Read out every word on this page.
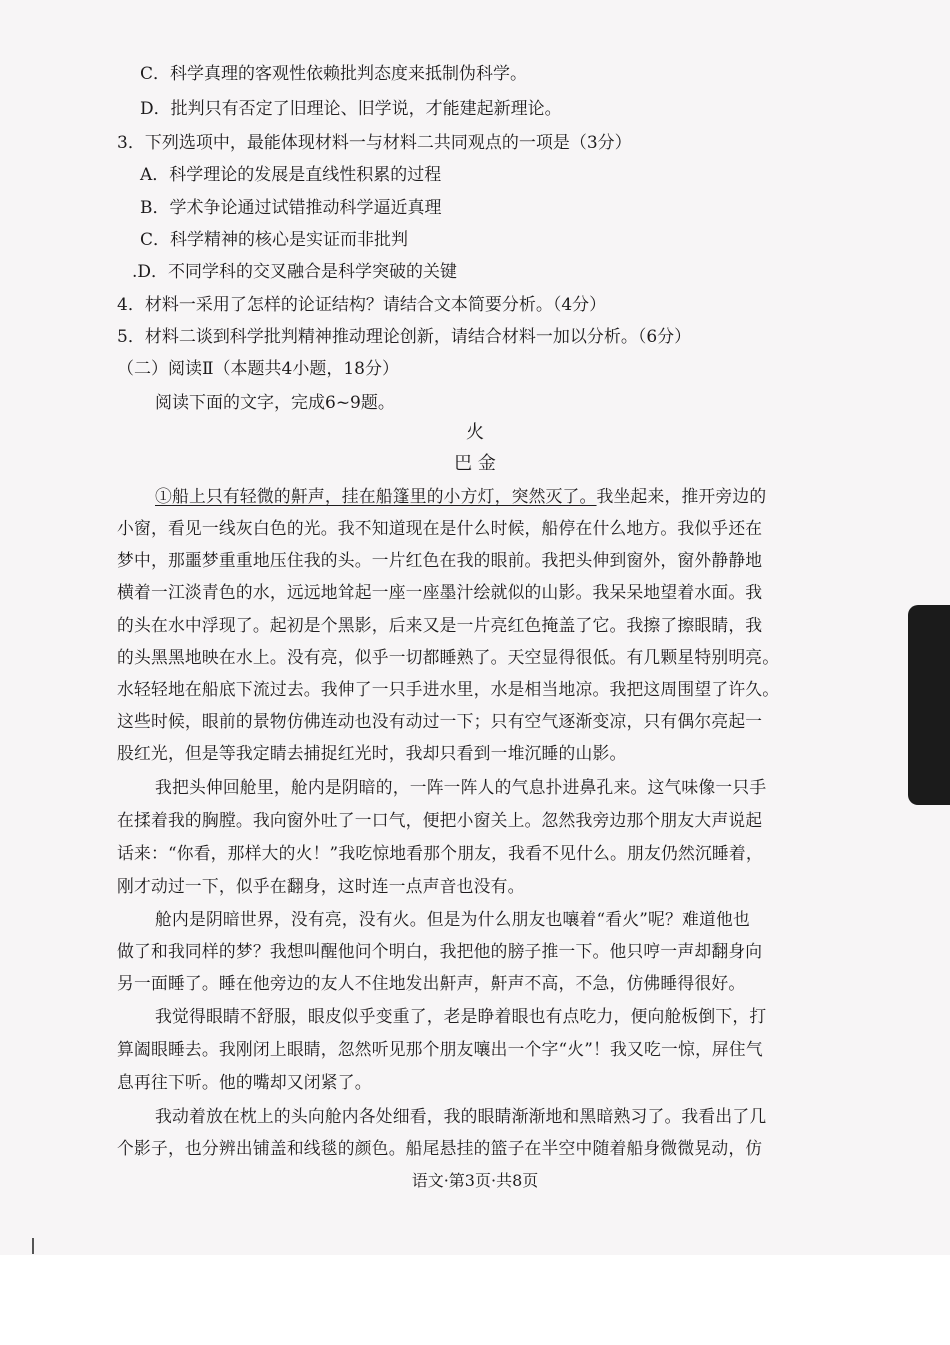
C．科学真理的客观性依赖批判态度来抵制伪科学。
D．批判只有否定了旧理论、旧学说，才能建起新理论。
3．下列选项中，最能体现材料一与材料二共同观点的一项是（3分）
A．科学理论的发展是直线性积累的过程
B．学术争论通过试错推动科学逼近真理
C．科学精神的核心是实证而非批判
.D．不同学科的交叉融合是科学突破的关键
4．材料一采用了怎样的论证结构？请结合文本简要分析。（4分）
5．材料二谈到科学批判精神推动理论创新，请结合材料一加以分析。（6分）
（二）阅读Ⅱ（本题共4小题，18分）
阅读下面的文字，完成6~9题。
火
巴 金
①船上只有轻微的鼾声，挂在船篷里的小方灯，突然灭了。我坐起来，推开旁边的
小窗，看见一线灰白色的光。我不知道现在是什么时候，船停在什么地方。我似乎还在
梦中，那噩梦重重地压住我的头。一片红色在我的眼前。我把头伸到窗外，窗外静静地
横着一江淡青色的水，远远地耸起一座一座墨汁绘就似的山影。我呆呆地望着水面。我
的头在水中浮现了。起初是个黑影，后来又是一片亮红色掩盖了它。我擦了擦眼睛，我
的头黑黑地映在水上。没有亮，似乎一切都睡熟了。天空显得很低。有几颗星特别明亮。
水轻轻地在船底下流过去。我伸了一只手进水里，水是相当地凉。我把这周围望了许久。
这些时候，眼前的景物仿佛连动也没有动过一下；只有空气逐渐变凉，只有偶尔亮起一
股红光，但是等我定睛去捕捉红光时，我却只看到一堆沉睡的山影。
我把头伸回舱里，舱内是阴暗的，一阵一阵人的气息扑进鼻孔来。这气味像一只手
在揉着我的胸膛。我向窗外吐了一口气，便把小窗关上。忽然我旁边那个朋友大声说起
话来：“你看，那样大的火！”我吃惊地看那个朋友，我看不见什么。朋友仍然沉睡着，
刚才动过一下，似乎在翻身，这时连一点声音也没有。
舱内是阴暗世界，没有亮，没有火。但是为什么朋友也嚷着“看火”呢？难道他也
做了和我同样的梦？我想叫醒他问个明白，我把他的膀子推一下。他只哼一声却翻身向
另一面睡了。睡在他旁边的友人不住地发出鼾声，鼾声不高，不急，仿佛睡得很好。
我觉得眼睛不舒服，眼皮似乎变重了，老是睁着眼也有点吃力，便向舱板倒下，打
算阖眼睡去。我刚闭上眼睛，忽然听见那个朋友嚷出一个字“火”！我又吃一惊，屏住气
息再往下听。他的嘴却又闭紧了。
我动着放在枕上的头向舱内各处细看，我的眼睛渐渐地和黑暗熟习了。我看出了几
个影子，也分辨出铺盖和线毯的颜色。船尾悬挂的篮子在半空中随着船身微微晃动，仿
语文·第3页·共8页
